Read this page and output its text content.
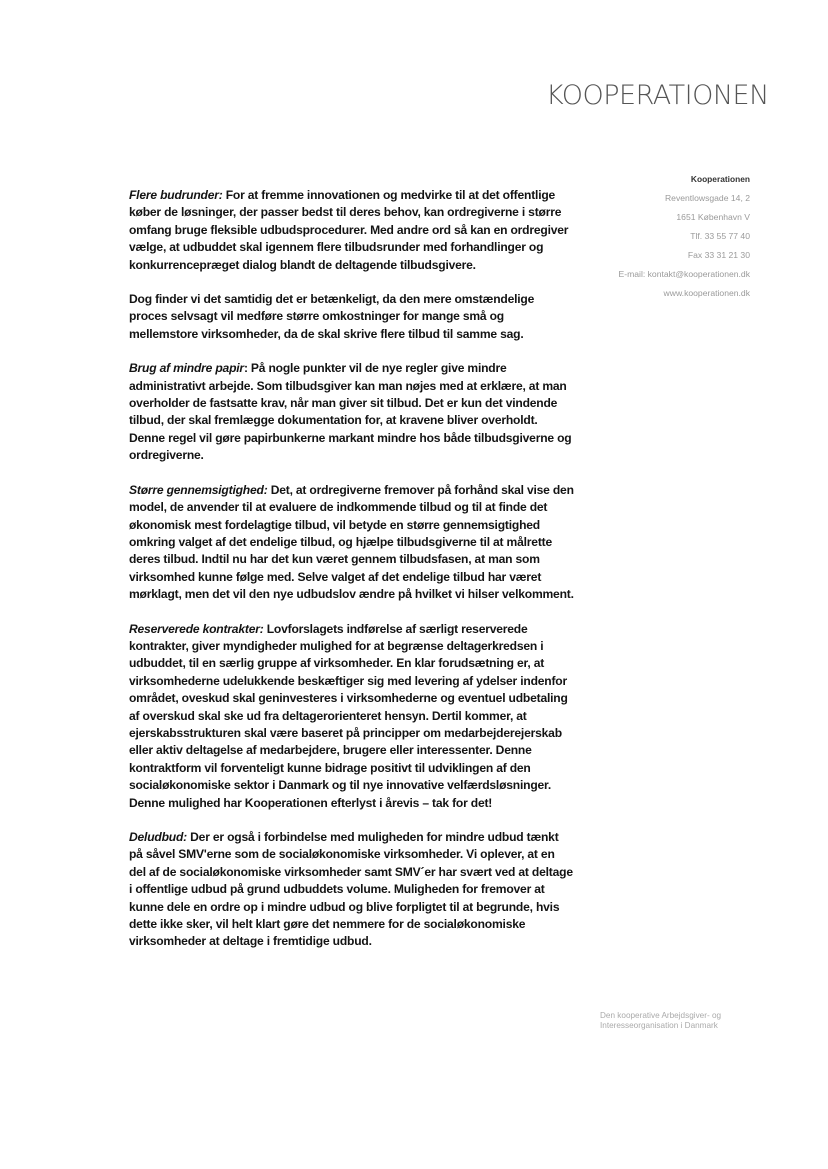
KOOPERATIONEN
Kooperationen
Reventlowsgade 14, 2
1651 København V
Tlf. 33 55 77 40
Fax 33 31 21 30
E-mail: kontakt@kooperationen.dk
www.kooperationen.dk

Flere budrunder: For at fremme innovationen og medvirke til at det offentlige køber de løsninger, der passer bedst til deres behov, kan ordregiverne i større omfang bruge fleksible udbudsprocedurer. Med andre ord så kan en ordregiver vælge, at udbuddet skal igennem flere tilbudsrunder med forhandlinger og konkurrencepræget dialog blandt de deltagende tilbudsgivere.

Dog finder vi det samtidig det er betænkeligt, da den mere omstændelige proces selvsagt vil medføre større omkostninger for mange små og mellemstore virksomheder, da de skal skrive flere tilbud til samme sag.

Brug af mindre papir: På nogle punkter vil de nye regler give mindre administrativt arbejde. Som tilbudsgiver kan man nøjes med at erklære, at man overholder de fastsatte krav, når man giver sit tilbud. Det er kun det vindende tilbud, der skal fremlægge dokumentation for, at kravene bliver overholdt. Denne regel vil gøre papirbunkerne markant mindre hos både tilbudsgiverne og ordregiverne.

Større gennemsigtighed: Det, at ordregiverne fremover på forhånd skal vise den model, de anvender til at evaluere de indkommende tilbud og til at finde det økonomisk mest fordelagtige tilbud, vil betyde en større gennemsigtighed omkring valget af det endelige tilbud, og hjælpe tilbudsgiverne til at målrette deres tilbud. Indtil nu har det kun været gennem tilbudsfasen, at man som virksomhed kunne følge med. Selve valget af det endelige tilbud har været mørklagt, men det vil den nye udbudslov ændre på hvilket vi hilser velkomment.

Reserverede kontrakter: Lovforslagets indførelse af særligt reserverede kontrakter, giver myndigheder mulighed for at begrænse deltagerkredsen i udbuddet, til en særlig gruppe af virksomheder. En klar forudsætning er, at virksomhederne udelukkende beskæftiger sig med levering af ydelser indenfor området, oveskud skal geninvesteres i virksomhederne og eventuel udbetaling af overskud skal ske ud fra deltagerorienteret hensyn. Dertil kommer, at ejerskabsstrukturen skal være baseret på principper om medarbejderejerskab eller aktiv deltagelse af medarbejdere, brugere eller interessenter. Denne kontraktform vil forventeligt kunne bidrage positivt til udviklingen af den socialøkonomiske sektor i Danmark og til nye innovative velfærdsløsninger. Denne mulighed har Kooperationen efterlyst i årevis – tak for det!

Deludbud: Der er også i forbindelse med muligheden for mindre udbud tænkt på såvel SMV'erne som de socialøkonomiske virksomheder. Vi oplever, at en del af de socialøkonomiske virksomheder samt SMV´er har svært ved at deltage i offentlige udbud på grund udbuddets volume. Muligheden for fremover at kunne dele en ordre op i mindre udbud og blive forpligtet til at begrunde, hvis dette ikke sker, vil helt klart gøre det nemmere for de socialøkonomiske virksomheder at deltage i fremtidige udbud.

Den kooperative Arbejdsgiver- og Interesseorganisation i Danmark
